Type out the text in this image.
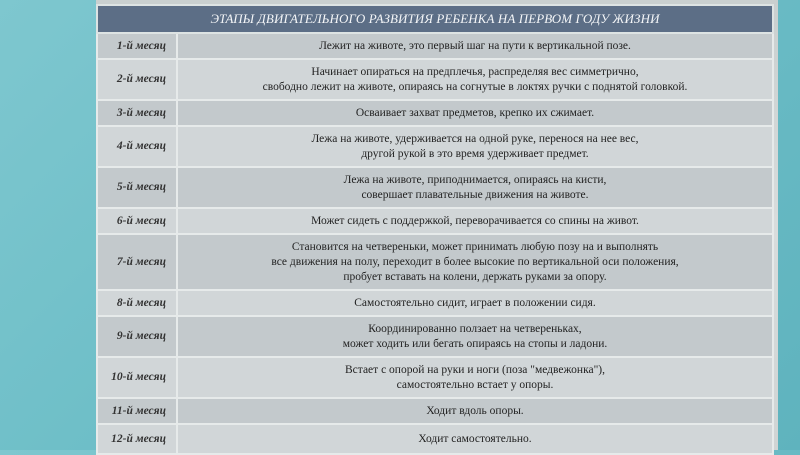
ЭТАПЫ ДВИГАТЕЛЬНОГО РАЗВИТИЯ РЕБЕНКА НА ПЕРВОМ ГОДУ ЖИЗНИ	
1-й месяц	Лежит на животе, это первый шаг на пути к вертикальной позе.

2-й месяц	Начинает опираться на предплечья, распределяя вес симметрично,
свободно лежит на животе, опираясь на согнутые в локтях ручки с поднятой головкой.

3-й месяц	Осваивает захват предметов, крепко их сжимает.

4-й месяц	Лежа на животе, удерживается на одной руке, перенося на нее вес,
другой рукой в это время удерживает предмет.

5-й месяц	Лежа на животе, приподнимается, опираясь на кисти,
совершает плавательные движения на животе.

6-й месяц	Может сидеть с поддержкой, переворачивается со спины на живот.

7-й месяц	Становится на четвереньки, может принимать любую позу на и выполнять
все движения на полу, переходит в более высокие по вертикальной оси положения,
пробует вставать на колени, держать руками за опору.

8-й месяц	Самостоятельно сидит, играет в положении сидя.

9-й месяц	Координированно ползает на четвереньках,
может ходить или бегать опираясь на стопы и ладони.

10-й месяц	Встает с опорой на руки и ноги (поза "медвежонка"),
самостоятельно встает у опоры.

11-й месяц	Ходит вдоль опоры.

12-й месяц	Ходит самостоятельно.
